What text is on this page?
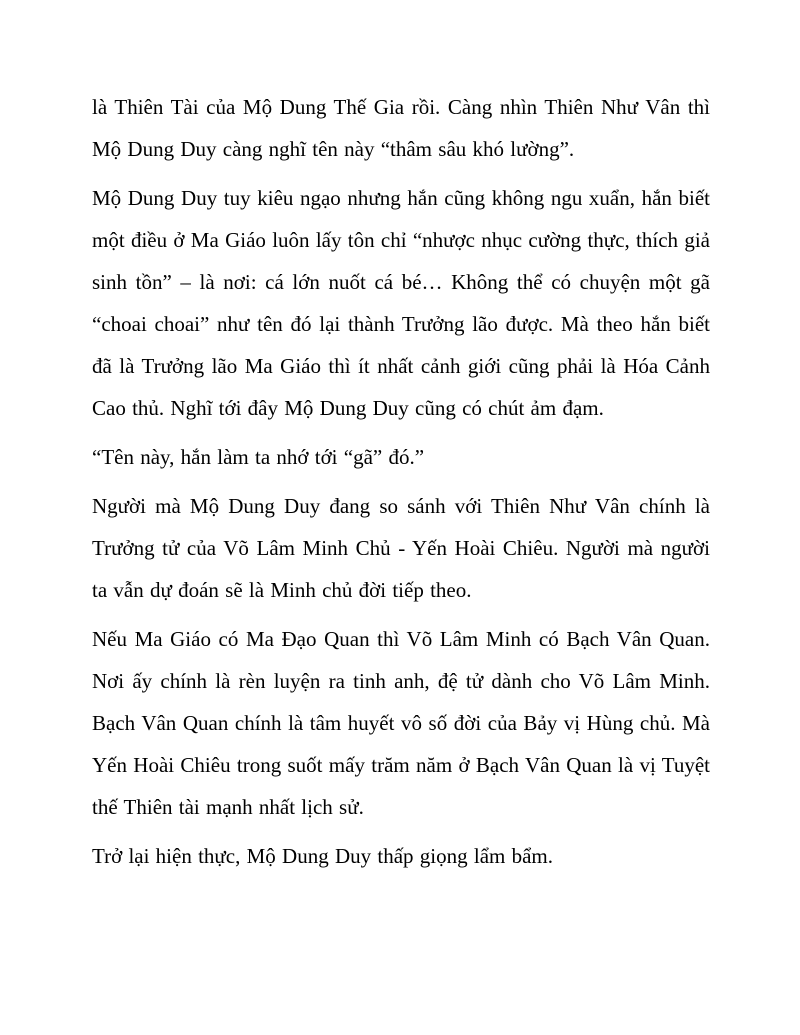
là Thiên Tài của Mộ Dung Thế Gia rồi. Càng nhìn Thiên Như Vân thì Mộ Dung Duy càng nghĩ tên này “thâm sâu khó lường”.

Mộ Dung Duy tuy kiêu ngạo nhưng hắn cũng không ngu xuẩn, hắn biết một điều ở Ma Giáo luôn lấy tôn chỉ “nhược nhục cường thực, thích giả sinh tồn” – là nơi: cá lớn nuốt cá bé… Không thể có chuyện một gã “choai choai” như tên đó lại thành Trưởng lão được. Mà theo hắn biết đã là Trưởng lão Ma Giáo thì ít nhất cảnh giới cũng phải là Hóa Cảnh Cao thủ. Nghĩ tới đây Mộ Dung Duy cũng có chút ảm đạm.

“Tên này, hắn làm ta nhớ tới “gã” đó.”

Người mà Mộ Dung Duy đang so sánh với Thiên Như Vân chính là Trưởng tử của Võ Lâm Minh Chủ - Yến Hoài Chiêu. Người mà người ta vẫn dự đoán sẽ là Minh chủ đời tiếp theo.

Nếu Ma Giáo có Ma Đạo Quan thì Võ Lâm Minh có Bạch Vân Quan. Nơi ấy chính là rèn luyện ra tinh anh, đệ tử dành cho Võ Lâm Minh. Bạch Vân Quan chính là tâm huyết vô số đời của Bảy vị Hùng chủ. Mà Yến Hoài Chiêu trong suốt mấy trăm năm ở Bạch Vân Quan là vị Tuyệt thế Thiên tài mạnh nhất lịch sử.

Trở lại hiện thực, Mộ Dung Duy thấp giọng lẩm bẩm.
